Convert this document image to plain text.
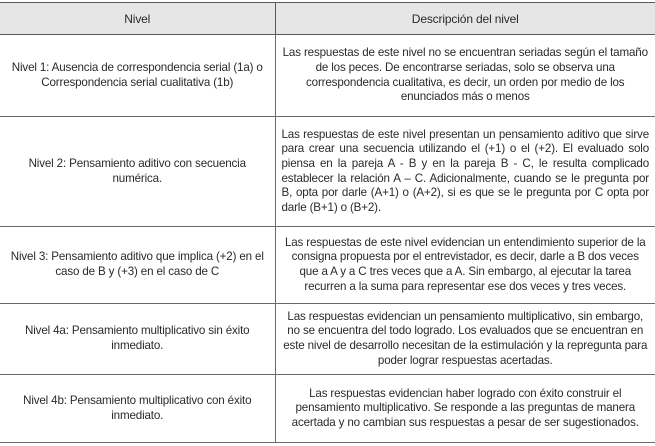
Nivel	Descripción del nivel
Nivel 1: Ausencia de correspondencia serial (1a) o Correspondencia serial cualitativa (1b)	Las respuestas de este nivel no se encuentran seriadas según el tamaño de los peces. De encontrarse seriadas, solo se observa una correspondencia cualitativa, es decir, un orden por medio de los enunciados más o menos
Nivel 2: Pensamiento aditivo con secuencia numérica.	Las respuestas de este nivel presentan un pensamiento aditivo que sirve para crear una secuencia utilizando el (+1) o el (+2). El evaluado solo piensa en la pareja A - B y en la pareja B - C, le resulta complicado establecer la relación A – C. Adicionalmente, cuando se le pregunta por B, opta por darle (A+1) o (A+2), si es que se le pregunta por C opta por darle (B+1) o (B+2).
Nivel 3: Pensamiento aditivo que implica (+2) en el caso de B y (+3) en el caso de C	Las respuestas de este nivel evidencian un entendimiento superior de la consigna propuesta por el entrevistador, es decir, darle a B dos veces que a A y a C tres veces que a A. Sin embargo, al ejecutar la tarea recurren a la suma para representar ese dos veces y tres veces.
Nivel 4a: Pensamiento multiplicativo sin éxito inmediato.	Las respuestas evidencian un pensamiento multiplicativo, sin embargo, no se encuentra del todo logrado. Los evaluados que se encuentran en este nivel de desarrollo necesitan de la estimulación y la repregunta para poder lograr respuestas acertadas.
Nivel 4b: Pensamiento multiplicativo con éxito inmediato.	Las respuestas evidencian haber logrado con éxito construir el pensamiento multiplicativo. Se responde a las preguntas de manera acertada y no cambian sus respuestas a pesar de ser sugestionados.
